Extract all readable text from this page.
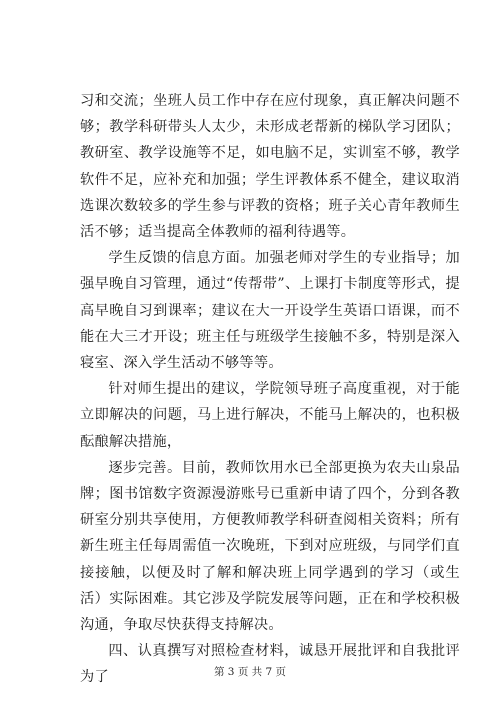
习和交流；坐班人员工作中存在应付现象，真正解决问题不够；教学科研带头人太少，未形成老帮新的梯队学习团队；教研室、教学设施等不足，如电脑不足，实训室不够，教学软件不足，应补充和加强；学生评教体系不健全，建议取消选课次数较多的学生参与评教的资格；班子关心青年教师生活不够；适当提高全体教师的福利待遇等。

学生反馈的信息方面。加强老师对学生的专业指导；加强早晚自习管理，通过“传帮带”、上课打卡制度等形式，提高早晚自习到课率；建议在大一开设学生英语口语课，而不能在大三才开设；班主任与班级学生接触不多，特别是深入寝室、深入学生活动不够等等。

针对师生提出的建议，学院领导班子高度重视，对于能立即解决的问题，马上进行解决，不能马上解决的，也积极酝酿解决措施，

逐步完善。目前，教师饮用水已全部更换为农夫山泉品牌；图书馆数字资源漫游账号已重新申请了四个，分到各教研室分别共享使用，方便教师教学科研查阅相关资料；所有新生班主任每周需值一次晚班，下到对应班级，与同学们直接接触，以便及时了解和解决班上同学遇到的学习（或生活）实际困难。其它涉及学院发展等问题，正在和学校积极沟通，争取尽快获得支持解决。

四、认真撰写对照检查材料，诚恳开展批评和自我批评为了	第 3 页 共 7 页
